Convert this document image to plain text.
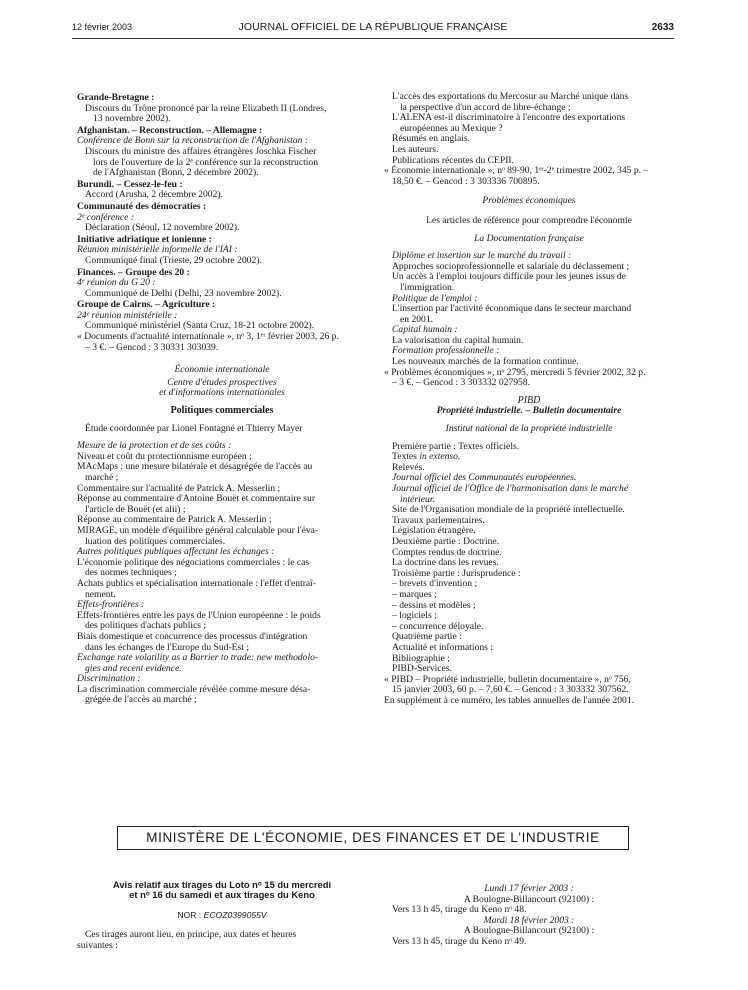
12 février 2003	JOURNAL OFFICIEL DE LA RÉPUBLIQUE FRANÇAISE	2633

Grande-Bretagne :

Discours du Trône prononcé par la reine Elizabeth II (Londres,

13 novembre 2002).

Afghanistan. – Reconstruction. – Allemagne :

Conférence de Bonn sur la reconstruction de l'Afghanistan :

Discours du ministre des affaires étrangères Joschka Fischer

lors de l'ouverture de la 2ᵉ conférence sur la reconstruction

de l'Afghanistan (Bonn, 2 décembre 2002).

Burundi. – Cessez-le-feu :

Accord (Arusha, 2 décembre 2002).

Communauté des démocraties :

2ᵉ conférence :

Déclaration (Séoul, 12 novembre 2002).

Initiative adriatique et ionienne :

Réunion ministérielle informelle de l'IAI :

Communiqué final (Trieste, 29 octobre 2002).

Finances. – Groupe des 20 :

4ᵉ réunion du G 20 :

Communiqué de Delhi (Delhi, 23 novembre 2002).

Groupe de Cairns. – Agriculture :

24ᵉ réunion ministérielle :

Communiqué ministériel (Santa Cruz, 18-21 octobre 2002).

« Documents d'actualité internationale », nᵒ 3, 1ᵉʳ février 2003, 26 p.

– 3 €. – Gencod : 3 30331 303039.

Économie internationale

Centre d'études prospectives

et d'informations internationales

Politiques commerciales

Étude coordonnée par Lionel Fontagné et Thierry Mayer

Mesure de la protection et de ses coûts :

Niveau et coût du protectionnisme européen ;

MAcMaps : une mesure bilatérale et désagrégée de l'accès au

marché ;

Commentaire sur l'actualité de Patrick A. Messerlin ;

Réponse au commentaire d'Antoine Bouët et commentaire sur

l'article de Bouët (et alii) ;

Réponse au commentaire de Patrick A. Messerlin ;

MIRAGE, un modèle d'équilibre général calculable pour l'éva-

luation des politiques commerciales.

Autres politiques publiques affectant les échanges :

L'économie politique des négociations commerciales : le cas

des normes techniques ;

Achats publics et spécialisation internationale : l'effet d'entraî-

nement.

Effets-frontières :

Effets-frontières entre les pays de l'Union européenne : le poids

des politiques d'achats publics ;

Biais domestique et concurrence des processus d'intégration

dans les échanges de l'Europe du Sud-Est ;

Exchange rate volatility as a Barrier to trade: new methodolo-

gies and recent evidence.

Discrimination :

La discrimination commerciale révélée comme mesure désa-

grégée de l'accès au marché ;

L'accès des exportations du Mercosur au Marché unique dans

la perspective d'un accord de libre-échange ;

L'ALENA est-il discriminatoire à l'encontre des exportations

européennes au Mexique ?

Résumés en anglais.

Les auteurs.

Publications récentes du CEPII.

« Économie internationale », nᵒ 89-90, 1ᵉʳ-2ᵉ trimestre 2002, 345 p. –

18,50 €. – Gencod : 3 303336 700895.

Problèmes économiques

Les articles de référence pour comprendre l'économie

La Documentation française

Diplôme et insertion sur le marché du travail :

Approches socioprofessionnelle et salariale du déclassement ;

Un accès à l'emploi toujours difficile pour les jeunes issus de

l'immigration.

Politique de l'emploi :

L'insertion par l'activité économique dans le secteur marchand

en 2001.

Capital humain :

La valorisation du capital humain.

Formation professionnelle :

Les nouveaux marchés de la formation continue.

« Problèmes économiques », nᵒ 2795, mercredi 5 février 2002, 32 p.

– 3 €. – Gencod : 3 303332 027958.

PIBD

Propriété industrielle. – Bulletin documentaire

Institut national de la propriété industrielle

Première partie : Textes officiels.

Textes in extenso.

Relevés.

Journal officiel des Communautés européennes.

Journal officiel de l'Office de l'harmonisation dans le marché

intérieur.

Site de l'Organisation mondiale de la propriété intellectuelle.

Travaux parlementaires.

Législation étrangère.

Deuxième partie : Doctrine.

Comptes rendus de doctrine.

La doctrine dans les revues.

Troisième partie : Jurisprudence :

– brevets d'invention ;

– marques ;

– dessins et modèles ;

– logiciels ;

– concurrence déloyale.

Quatrième partie :

Actualité et informations :

Bibliographie ;

PIBD-Services.

« PIBD – Propriété industrielle, bulletin documentaire », nᵒ 756,

15 janvier 2003, 60 p. – 7,60 €. – Gencod : 3 303332 307562.

En supplément à ce numéro, les tables annuelles de l'année 2001.

MINISTÈRE DE L'ÉCONOMIE, DES FINANCES ET DE L'INDUSTRIE
Avis relatif aux tirages du Loto nᵒ 15 du mercredi
et nᵒ 16 du samedi et aux tirages du Keno
NOR : ECOZ0399055V

Ces tirages auront lieu, en principe, aux dates et heures

suivantes :

Lundi 17 février 2003 :

A Boulogne-Billancourt (92100) :

Vers 13 h 45, tirage du Keno nᵒ 48.

Mardi 18 février 2003 :

A Boulogne-Billancourt (92100) :

Vers 13 h 45, tirage du Keno nᵒ 49.
